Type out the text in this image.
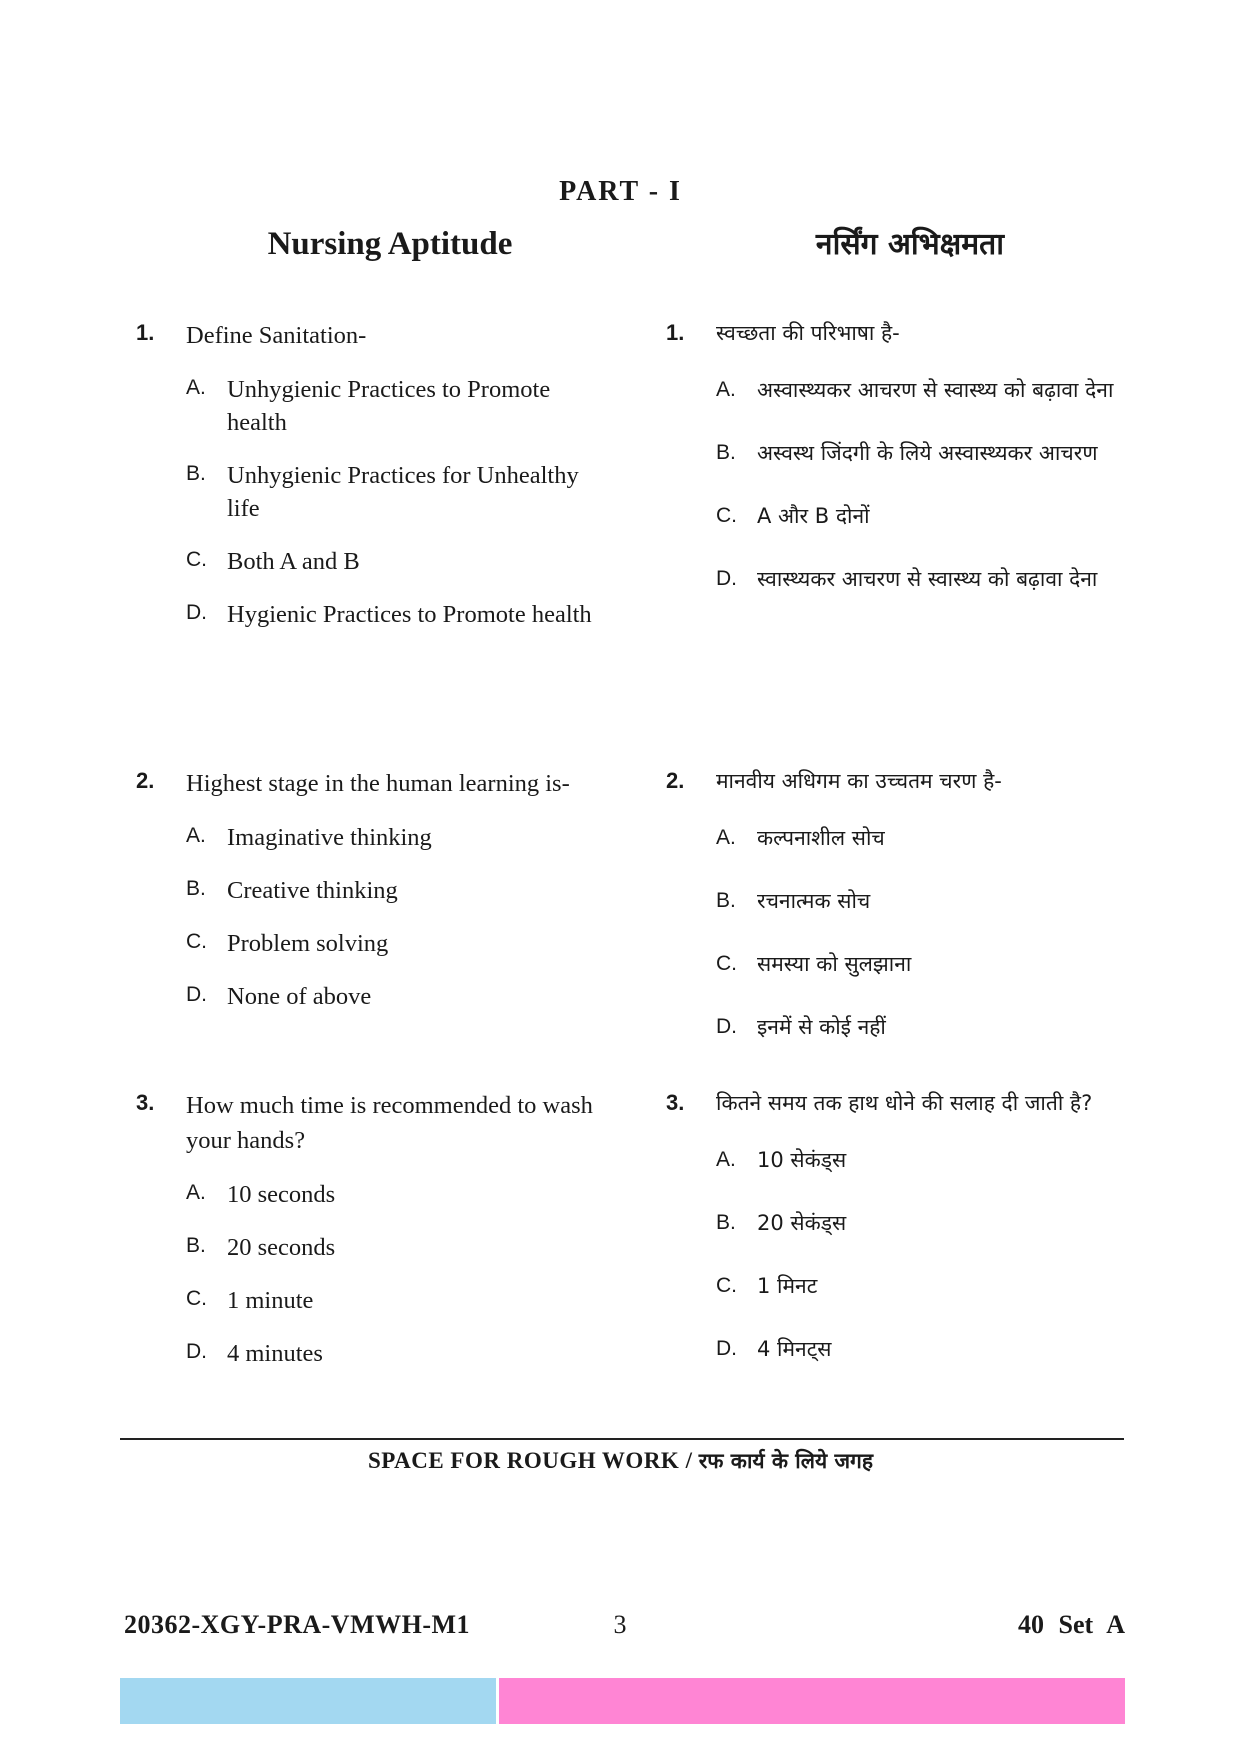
PART - I
Nursing Aptitude	नर्सिंग अभिक्षमता
1. Define Sanitation-
A. Unhygienic Practices to Promote health
B. Unhygienic Practices for Unhealthy life
C. Both A and B
D. Hygienic Practices to Promote health
2. Highest stage in the human learning is-
A. Imaginative thinking
B. Creative thinking
C. Problem solving
D. None of above
3. How much time is recommended to wash your hands?
A. 10 seconds
B. 20 seconds
C. 1 minute
D. 4 minutes
1. स्वच्छता की परिभाषा है-
A. अस्वास्थ्यकर आचरण से स्वास्थ्य को बढ़ावा देना
B. अस्वस्थ जिंदगी के लिये अस्वास्थ्यकर आचरण
C. A और B दोनों
D. स्वास्थ्यकर आचरण से स्वास्थ्य को बढ़ावा देना
2. मानवीय अधिगम का उच्चतम चरण है-
A. कल्पनाशील सोच
B. रचनात्मक सोच
C. समस्या को सुलझाना
D. इनमें से कोई नहीं
3. कितने समय तक हाथ धोने की सलाह दी जाती है?
A. 10 सेकंड्स
B. 20 सेकंड्स
C. 1 मिनट
D. 4 मिनट्स
SPACE FOR ROUGH WORK / रफ कार्य के लिये जगह
20362-XGY-PRA-VMWH-M1	3	40 Set A
